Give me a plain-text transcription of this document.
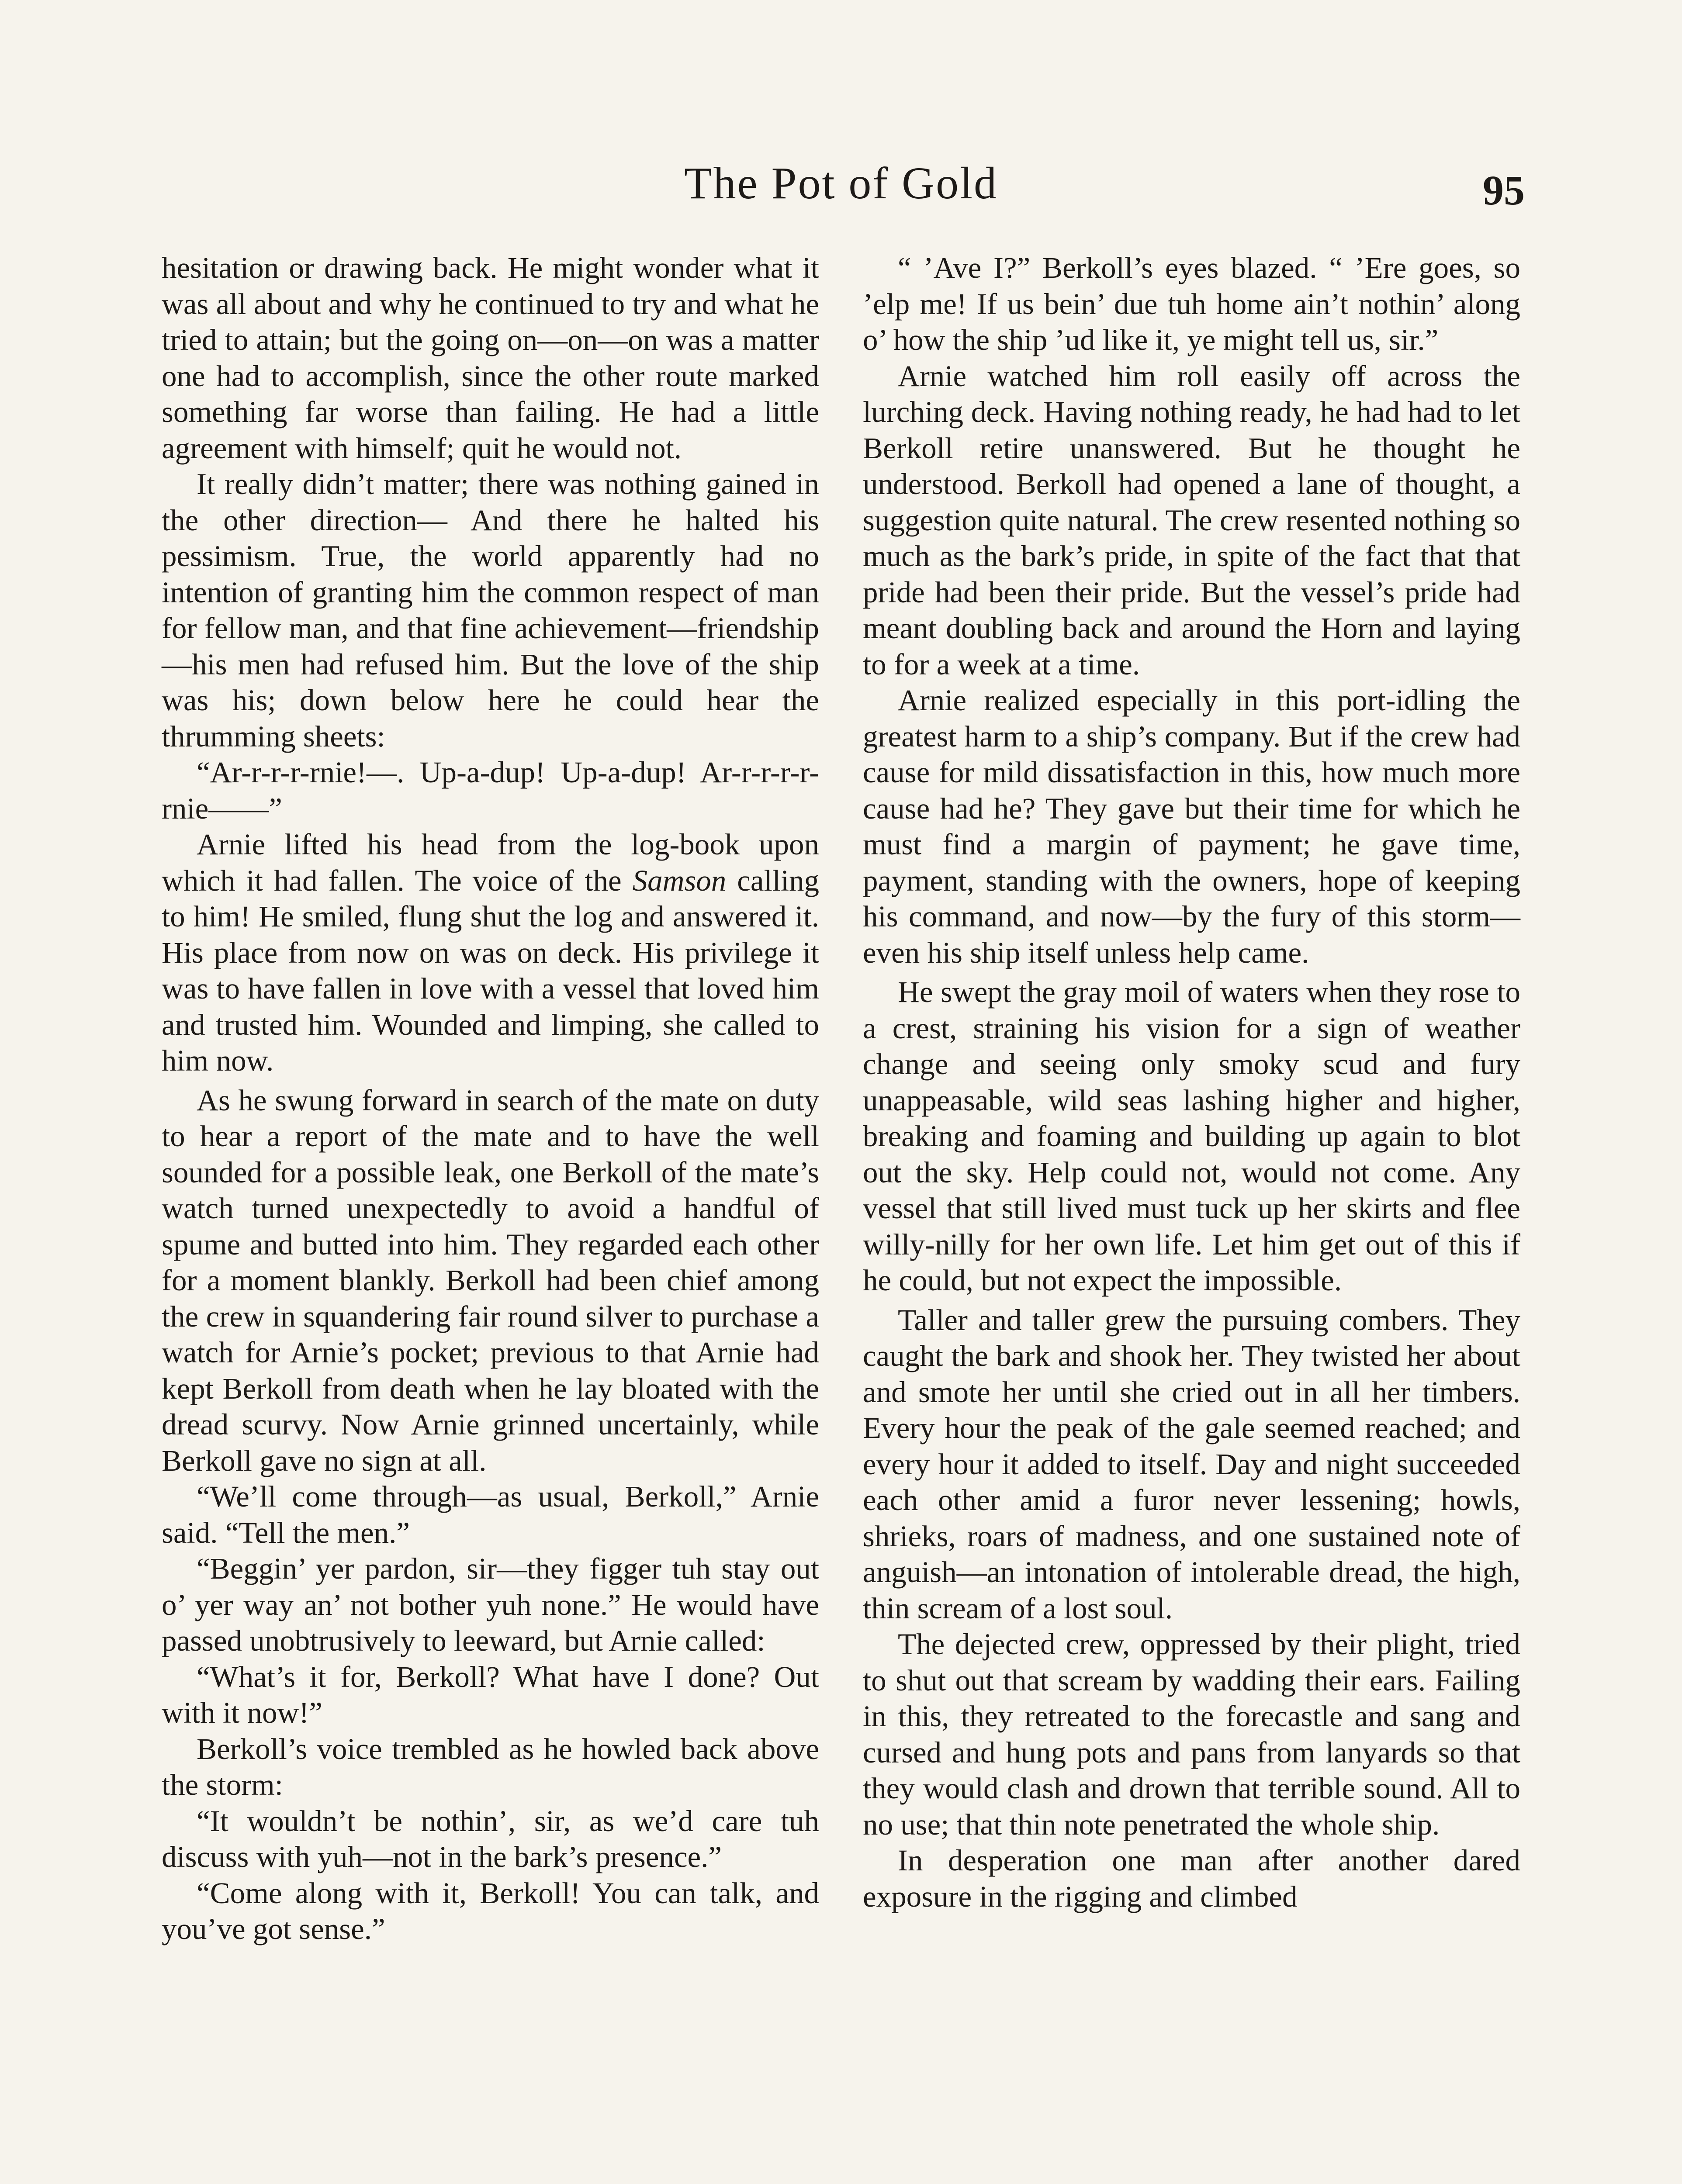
The Pot of Gold	95

hesitation or drawing back. He might wonder what it was all about and why he continued to try and what he tried to attain; but the going on—on—on was a matter one had to accomplish, since the other route marked something far worse than failing. He had a little agreement with himself; quit he would not.

It really didn’t matter; there was nothing gained in the other direction— And there he halted his pessimism. True, the world apparently had no intention of granting him the common respect of man for fellow man, and that fine achievement—friendship—his men had refused him. But the love of the ship was his; down below here he could hear the thrumming sheets:

“Ar-r-r-r-rnie!—. Up-a-dup! Up-a-dup! Ar-r-r-r-r-rnie——”

Arnie lifted his head from the log-book upon which it had fallen. The voice of the Samson calling to him! He smiled, flung shut the log and answered it. His place from now on was on deck. His privilege it was to have fallen in love with a vessel that loved him and trusted him. Wounded and limping, she called to him now.

As he swung forward in search of the mate on duty to hear a report of the mate and to have the well sounded for a possible leak, one Berkoll of the mate’s watch turned unexpectedly to avoid a handful of spume and butted into him. They regarded each other for a moment blankly. Berkoll had been chief among the crew in squandering fair round silver to purchase a watch for Arnie’s pocket; previous to that Arnie had kept Berkoll from death when he lay bloated with the dread scurvy. Now Arnie grinned uncertainly, while Berkoll gave no sign at all.

“We’ll come through—as usual, Berkoll,” Arnie said. “Tell the men.”

“Beggin’ yer pardon, sir—they figger tuh stay out o’ yer way an’ not bother yuh none.” He would have passed unobtrusively to leeward, but Arnie called:

“What’s it for, Berkoll? What have I done? Out with it now!”

Berkoll’s voice trembled as he howled back above the storm:

“It wouldn’t be nothin’, sir, as we’d care tuh discuss with yuh—not in the bark’s presence.”

“Come along with it, Berkoll! You can talk, and you’ve got sense.”

“ ’Ave I?” Berkoll’s eyes blazed. “ ’Ere goes, so ’elp me! If us bein’ due tuh home ain’t nothin’ along o’ how the ship ’ud like it, ye might tell us, sir.”

Arnie watched him roll easily off across the lurching deck. Having nothing ready, he had had to let Berkoll retire unanswered. But he thought he understood. Berkoll had opened a lane of thought, a suggestion quite natural. The crew resented nothing so much as the bark’s pride, in spite of the fact that that pride had been their pride. But the vessel’s pride had meant doubling back and around the Horn and laying to for a week at a time.

Arnie realized especially in this port-idling the greatest harm to a ship’s company. But if the crew had cause for mild dissatisfaction in this, how much more cause had he? They gave but their time for which he must find a margin of payment; he gave time, payment, standing with the owners, hope of keeping his command, and now—by the fury of this storm—even his ship itself unless help came.

He swept the gray moil of waters when they rose to a crest, straining his vision for a sign of weather change and seeing only smoky scud and fury unappeasable, wild seas lashing higher and higher, breaking and foaming and building up again to blot out the sky. Help could not, would not come. Any vessel that still lived must tuck up her skirts and flee willy-nilly for her own life. Let him get out of this if he could, but not expect the impossible.

Taller and taller grew the pursuing combers. They caught the bark and shook her. They twisted her about and smote her until she cried out in all her timbers. Every hour the peak of the gale seemed reached; and every hour it added to itself. Day and night succeeded each other amid a furor never lessening; howls, shrieks, roars of madness, and one sustained note of anguish—an intonation of intolerable dread, the high, thin scream of a lost soul.

The dejected crew, oppressed by their plight, tried to shut out that scream by wadding their ears. Failing in this, they retreated to the forecastle and sang and cursed and hung pots and pans from lanyards so that they would clash and drown that terrible sound. All to no use; that thin note penetrated the whole ship.

In desperation one man after another dared exposure in the rigging and climbed
